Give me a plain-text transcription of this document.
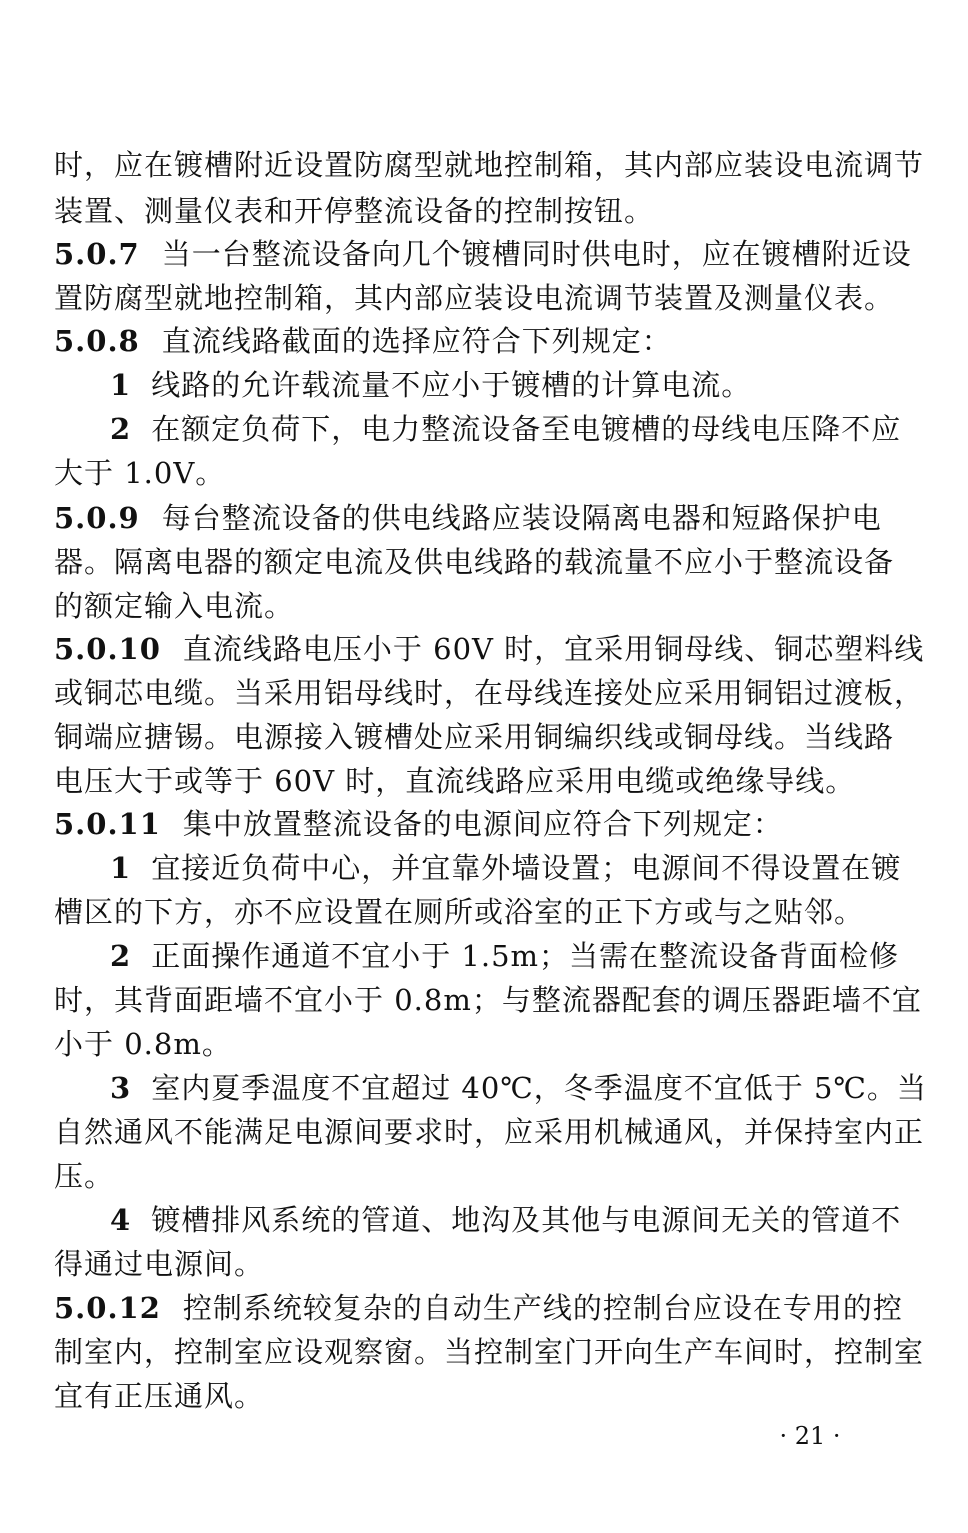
时，应在镀槽附近设置防腐型就地控制箱，其内部应装设电流调节
装置、测量仪表和开停整流设备的控制按钮。
5.0.7 当一台整流设备向几个镀槽同时供电时，应在镀槽附近设
置防腐型就地控制箱，其内部应装设电流调节装置及测量仪表。
5.0.8 直流线路截面的选择应符合下列规定：
1 线路的允许载流量不应小于镀槽的计算电流。
2 在额定负荷下，电力整流设备至电镀槽的母线电压降不应
大于 1.0V。
5.0.9 每台整流设备的供电线路应装设隔离电器和短路保护电
器。隔离电器的额定电流及供电线路的载流量不应小于整流设备
的额定输入电流。
5.0.10 直流线路电压小于 60V 时，宜采用铜母线、铜芯塑料线
或铜芯电缆。当采用铝母线时，在母线连接处应采用铜铝过渡板，
铜端应搪锡。电源接入镀槽处应采用铜编织线或铜母线。当线路
电压大于或等于 60V 时，直流线路应采用电缆或绝缘导线。
5.0.11 集中放置整流设备的电源间应符合下列规定：
1 宜接近负荷中心，并宜靠外墙设置；电源间不得设置在镀
槽区的下方，亦不应设置在厕所或浴室的正下方或与之贴邻。
2 正面操作通道不宜小于 1.5m；当需在整流设备背面检修
时，其背面距墙不宜小于 0.8m；与整流器配套的调压器距墙不宜
小于 0.8m。
3 室内夏季温度不宜超过 40℃，冬季温度不宜低于 5℃。当
自然通风不能满足电源间要求时，应采用机械通风，并保持室内正
压。
4 镀槽排风系统的管道、地沟及其他与电源间无关的管道不
得通过电源间。
5.0.12 控制系统较复杂的自动生产线的控制台应设在专用的控
制室内，控制室应设观察窗。当控制室门开向生产车间时，控制室
宜有正压通风。
· 21 ·
